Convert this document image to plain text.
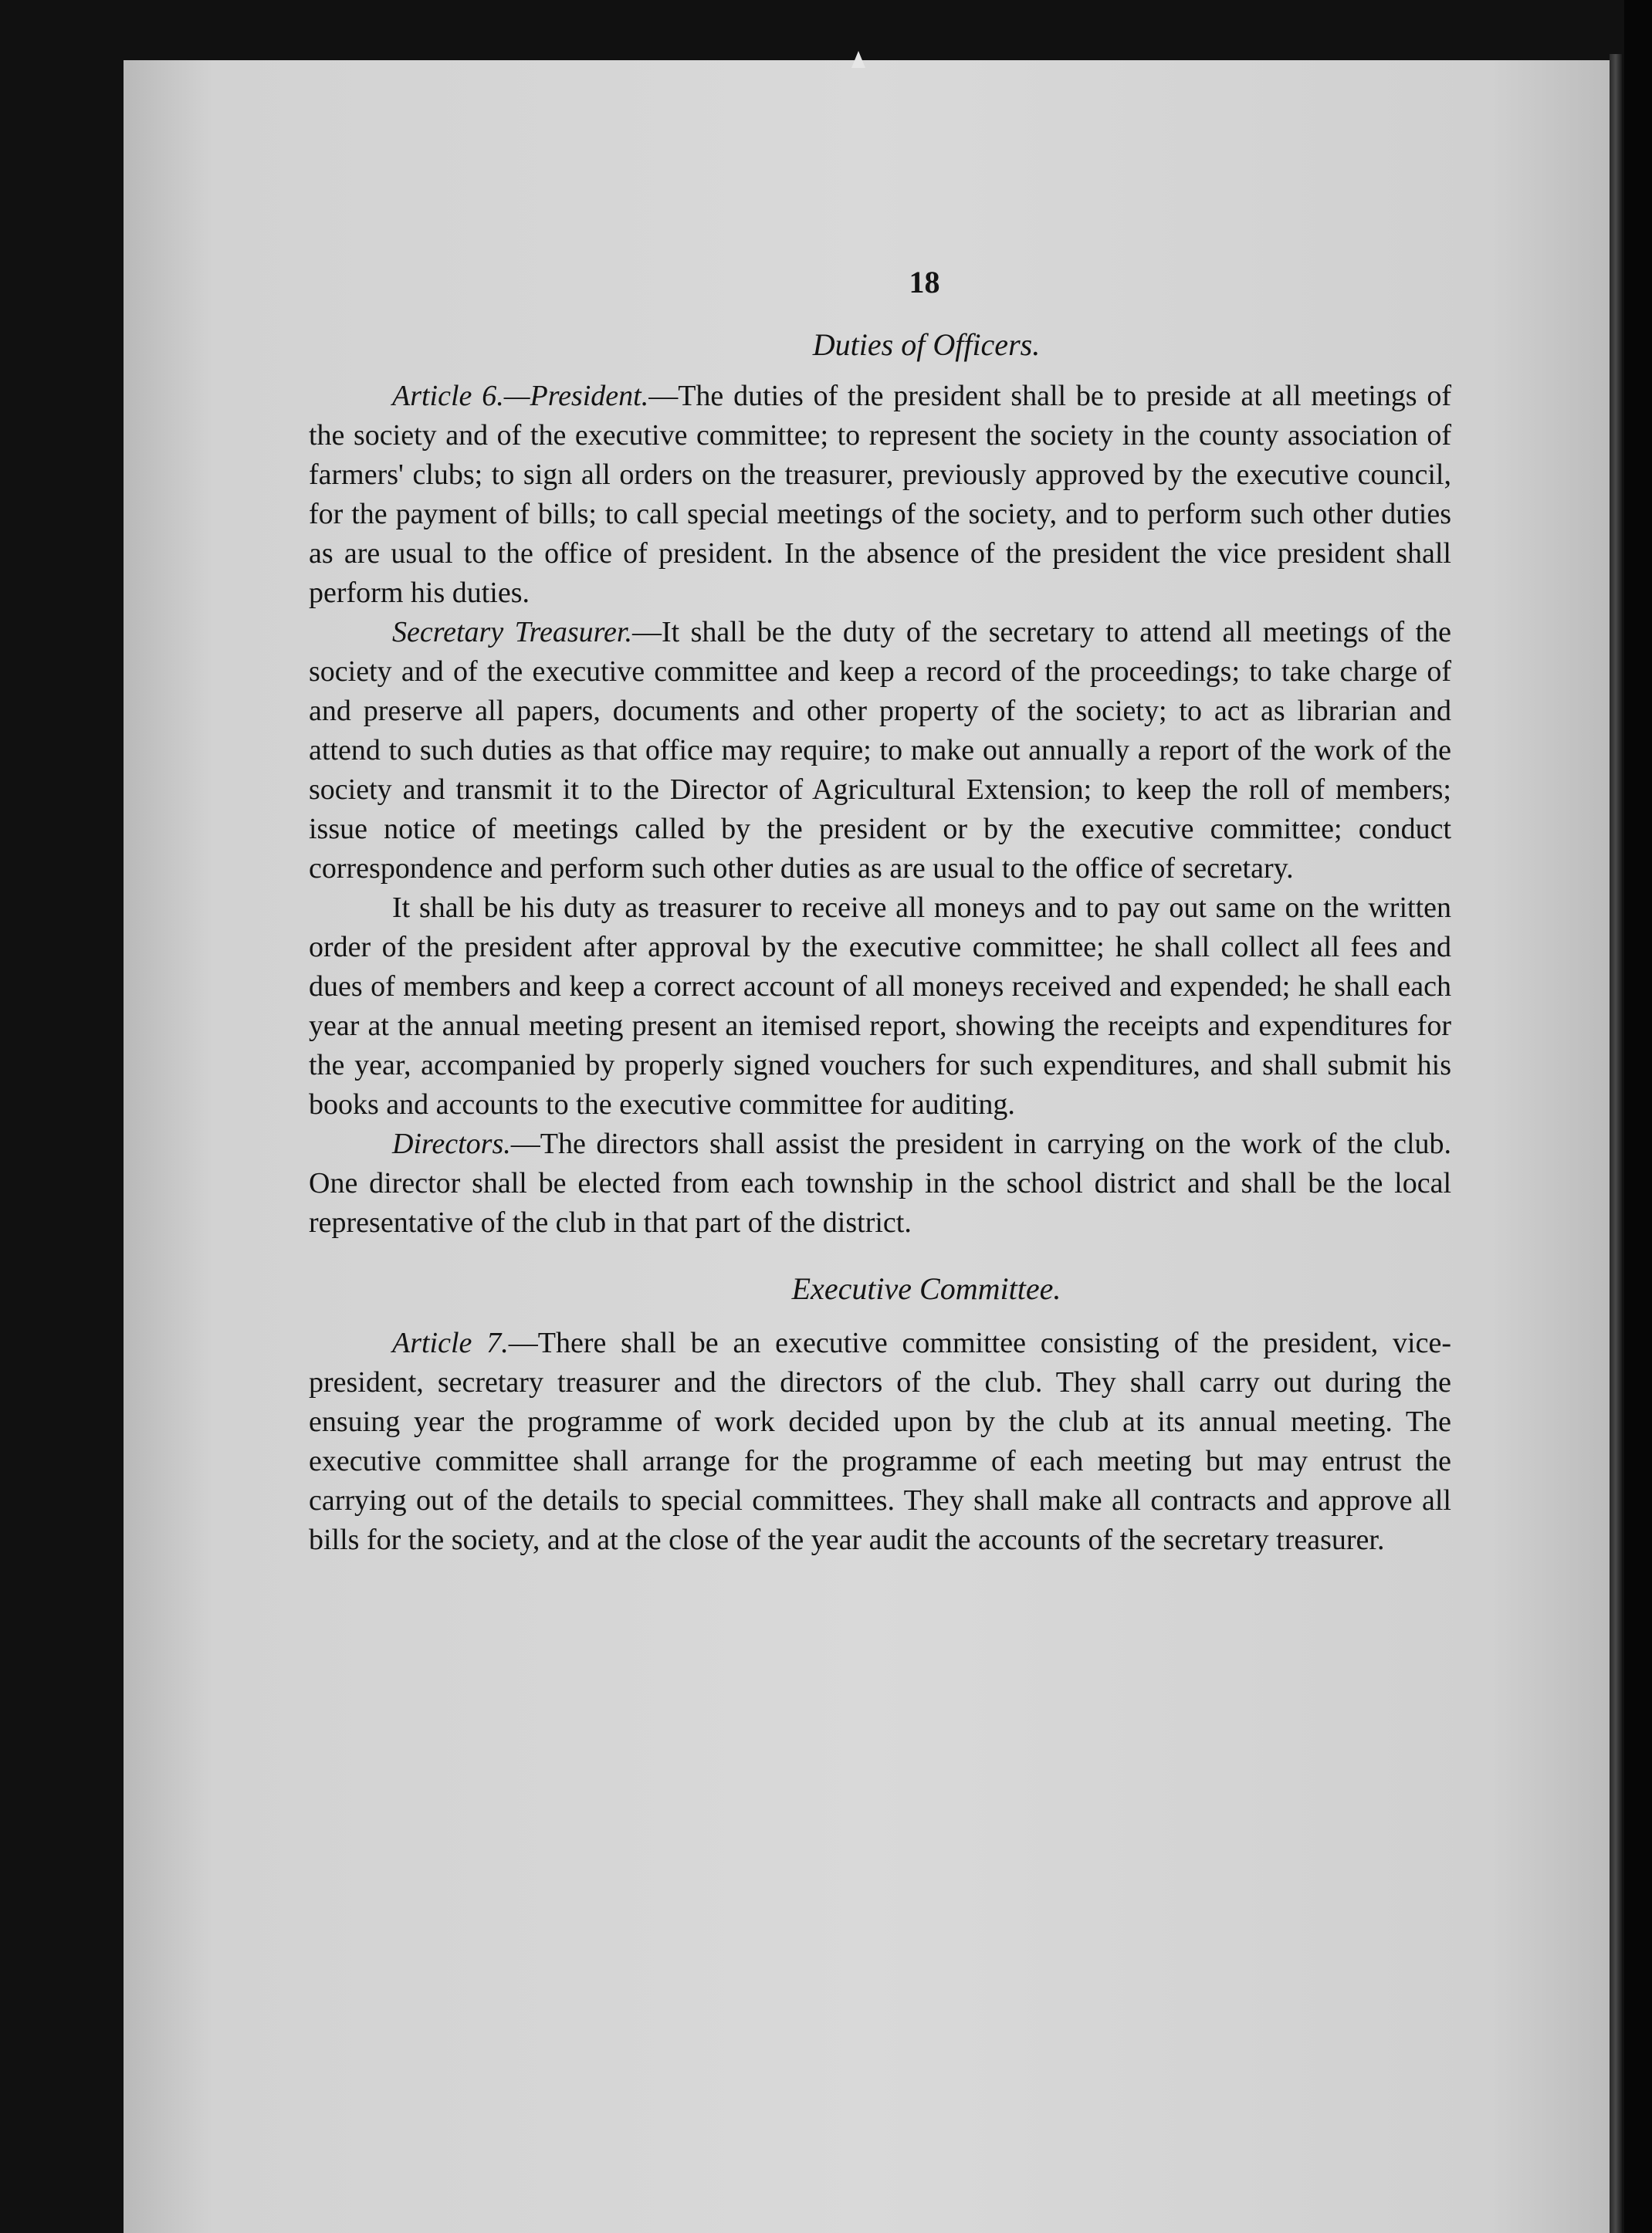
18
Duties of Officers.

Article 6.—President.—The duties of the president shall be to preside at all meetings of the society and of the executive committee; to represent the society in the county association of farmers' clubs; to sign all orders on the treasurer, previously approved by the executive council, for the payment of bills; to call special meetings of the society, and to perform such other duties as are usual to the office of president. In the absence of the president the vice president shall perform his duties.

Secretary Treasurer.—It shall be the duty of the secretary to attend all meetings of the society and of the executive committee and keep a record of the proceedings; to take charge of and preserve all papers, documents and other property of the society; to act as librarian and attend to such duties as that office may require; to make out annually a report of the work of the society and transmit it to the Director of Agricultural Extension; to keep the roll of members; issue notice of meetings called by the president or by the executive committee; conduct correspondence and perform such other duties as are usual to the office of secretary.

It shall be his duty as treasurer to receive all moneys and to pay out same on the written order of the president after approval by the executive committee; he shall collect all fees and dues of members and keep a correct account of all moneys received and expended; he shall each year at the annual meeting present an itemised report, showing the receipts and expenditures for the year, accompanied by properly signed vouchers for such expenditures, and shall submit his books and accounts to the executive committee for auditing.

Directors.—The directors shall assist the president in carrying on the work of the club. One director shall be elected from each township in the school district and shall be the local representative of the club in that part of the district.

Executive Committee.

Article 7.—There shall be an executive committee consisting of the president, vice-president, secretary treasurer and the directors of the club. They shall carry out during the ensuing year the programme of work decided upon by the club at its annual meeting. The executive committee shall arrange for the programme of each meeting but may entrust the carrying out of the details to special committees. They shall make all contracts and approve all bills for the society, and at the close of the year audit the accounts of the secretary treasurer.
